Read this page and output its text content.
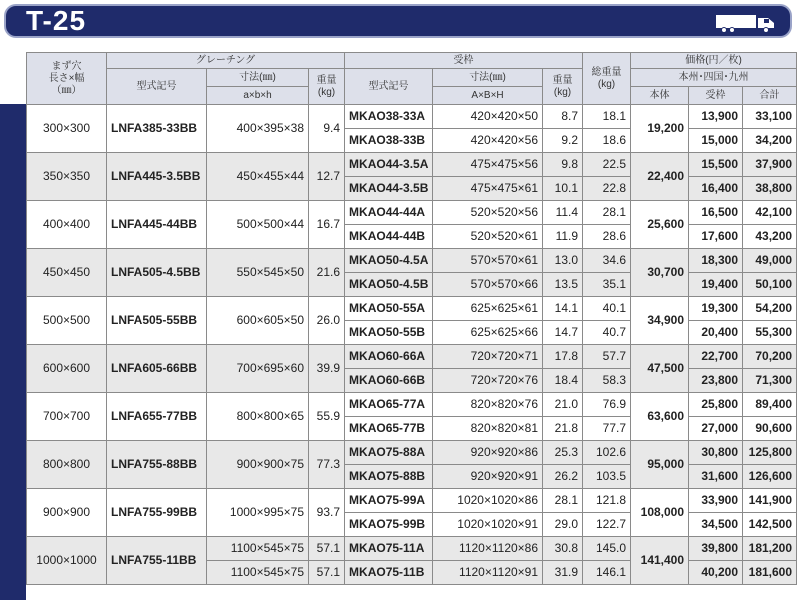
T-25
まず穴
長さ×幅
（㎜）	グレーチング			受枠			総重量
(kg)	価格(円／枚)		
	型式記号	寸法(㎜)	重量
(kg)	型式記号	寸法(㎜)	重量
(kg)		本州･四国･九州		
		a×b×h			A×B×H			本体	受枠	合計
300×300	LNFA385-33BB	400×395×38	9.4	MKAO38-33A	420×420×50	8.7	18.1	19,200	13,900	33,100
				MKAO38-33B	420×420×56	9.2	18.6		15,000	34,200
350×350	LNFA445-3.5BB	450×455×44	12.7	MKAO44-3.5A	475×475×56	9.8	22.5	22,400	15,500	37,900
				MKAO44-3.5B	475×475×61	10.1	22.8		16,400	38,800
400×400	LNFA445-44BB	500×500×44	16.7	MKAO44-44A	520×520×56	11.4	28.1	25,600	16,500	42,100
				MKAO44-44B	520×520×61	11.9	28.6		17,600	43,200
450×450	LNFA505-4.5BB	550×545×50	21.6	MKAO50-4.5A	570×570×61	13.0	34.6	30,700	18,300	49,000
				MKAO50-4.5B	570×570×66	13.5	35.1		19,400	50,100
500×500	LNFA505-55BB	600×605×50	26.0	MKAO50-55A	625×625×61	14.1	40.1	34,900	19,300	54,200
				MKAO50-55B	625×625×66	14.7	40.7		20,400	55,300
600×600	LNFA605-66BB	700×695×60	39.9	MKAO60-66A	720×720×71	17.8	57.7	47,500	22,700	70,200
				MKAO60-66B	720×720×76	18.4	58.3		23,800	71,300
700×700	LNFA655-77BB	800×800×65	55.9	MKAO65-77A	820×820×76	21.0	76.9	63,600	25,800	89,400
				MKAO65-77B	820×820×81	21.8	77.7		27,000	90,600
800×800	LNFA755-88BB	900×900×75	77.3	MKAO75-88A	920×920×86	25.3	102.6	95,000	30,800	125,800
				MKAO75-88B	920×920×91	26.2	103.5		31,600	126,600
900×900	LNFA755-99BB	1000×995×75	93.7	MKAO75-99A	1020×1020×86	28.1	121.8	108,000	33,900	141,900
				MKAO75-99B	1020×1020×91	29.0	122.7		34,500	142,500
1000×1000	LNFA755-11BB	1100×545×75	57.1	MKAO75-11A	1120×1120×86	30.8	145.0	141,400	39,800	181,200
		1100×545×75	57.1	MKAO75-11B	1120×1120×91	31.9	146.1		40,200	181,600
